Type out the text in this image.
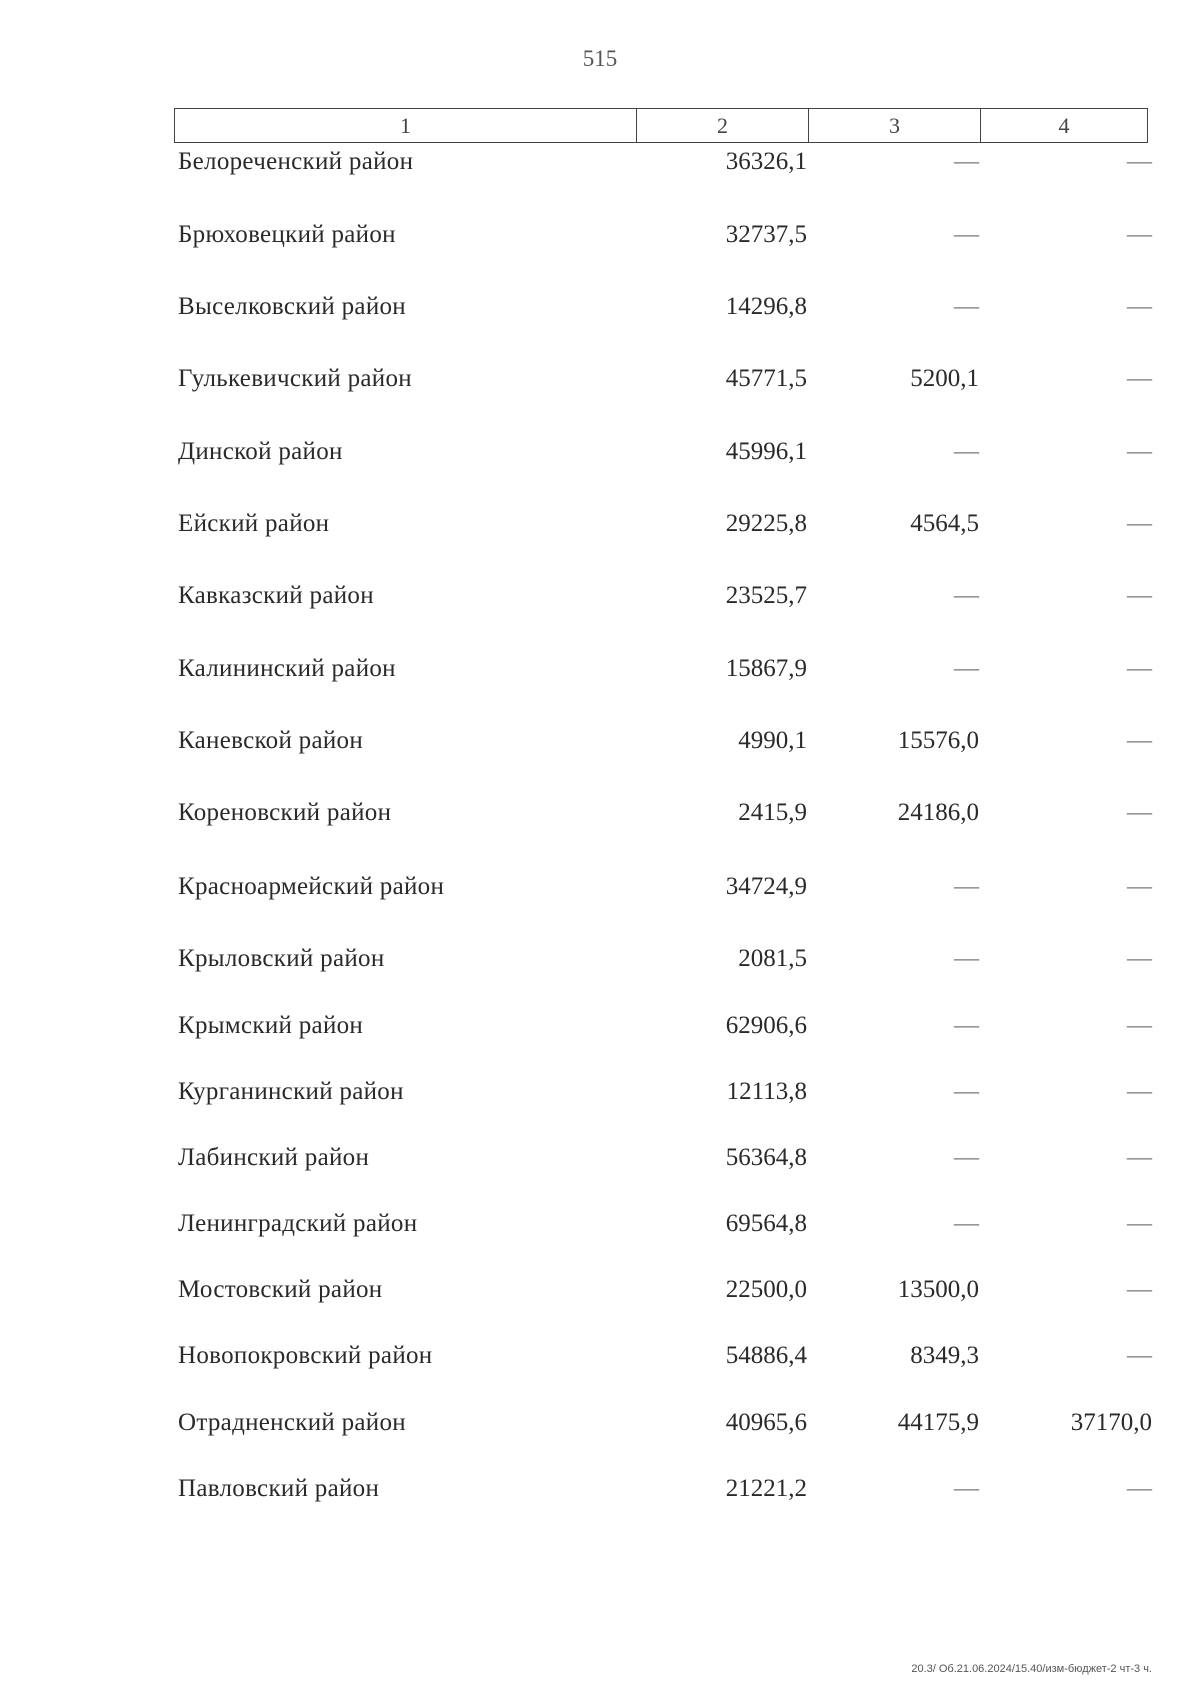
515
1	2	3	4
Белореченский район	36326,1	—	—
Брюховецкий район	32737,5	—	—
Выселковский район	14296,8	—	—
Гулькевичский район	45771,5	5200,1	—
Динской район	45996,1	—	—
Ейский район	29225,8	4564,5	—
Кавказский район	23525,7	—	—
Калининский район	15867,9	—	—
Каневской район	4990,1	15576,0	—
Кореновский район	2415,9	24186,0	—
Красноармейский район	34724,9	—	—
Крыловский район	2081,5	—	—
Крымский район	62906,6	—	—
Курганинский район	12113,8	—	—
Лабинский район	56364,8	—	—
Ленинградский район	69564,8	—	—
Мостовский район	22500,0	13500,0	—
Новопокровский район	54886,4	8349,3	—
Отрадненский район	40965,6	44175,9	37170,0
Павловский район	21221,2	—	—
20.3/ Об.21.06.2024/15.40/изм-бюджет-2 чт-3 ч.
